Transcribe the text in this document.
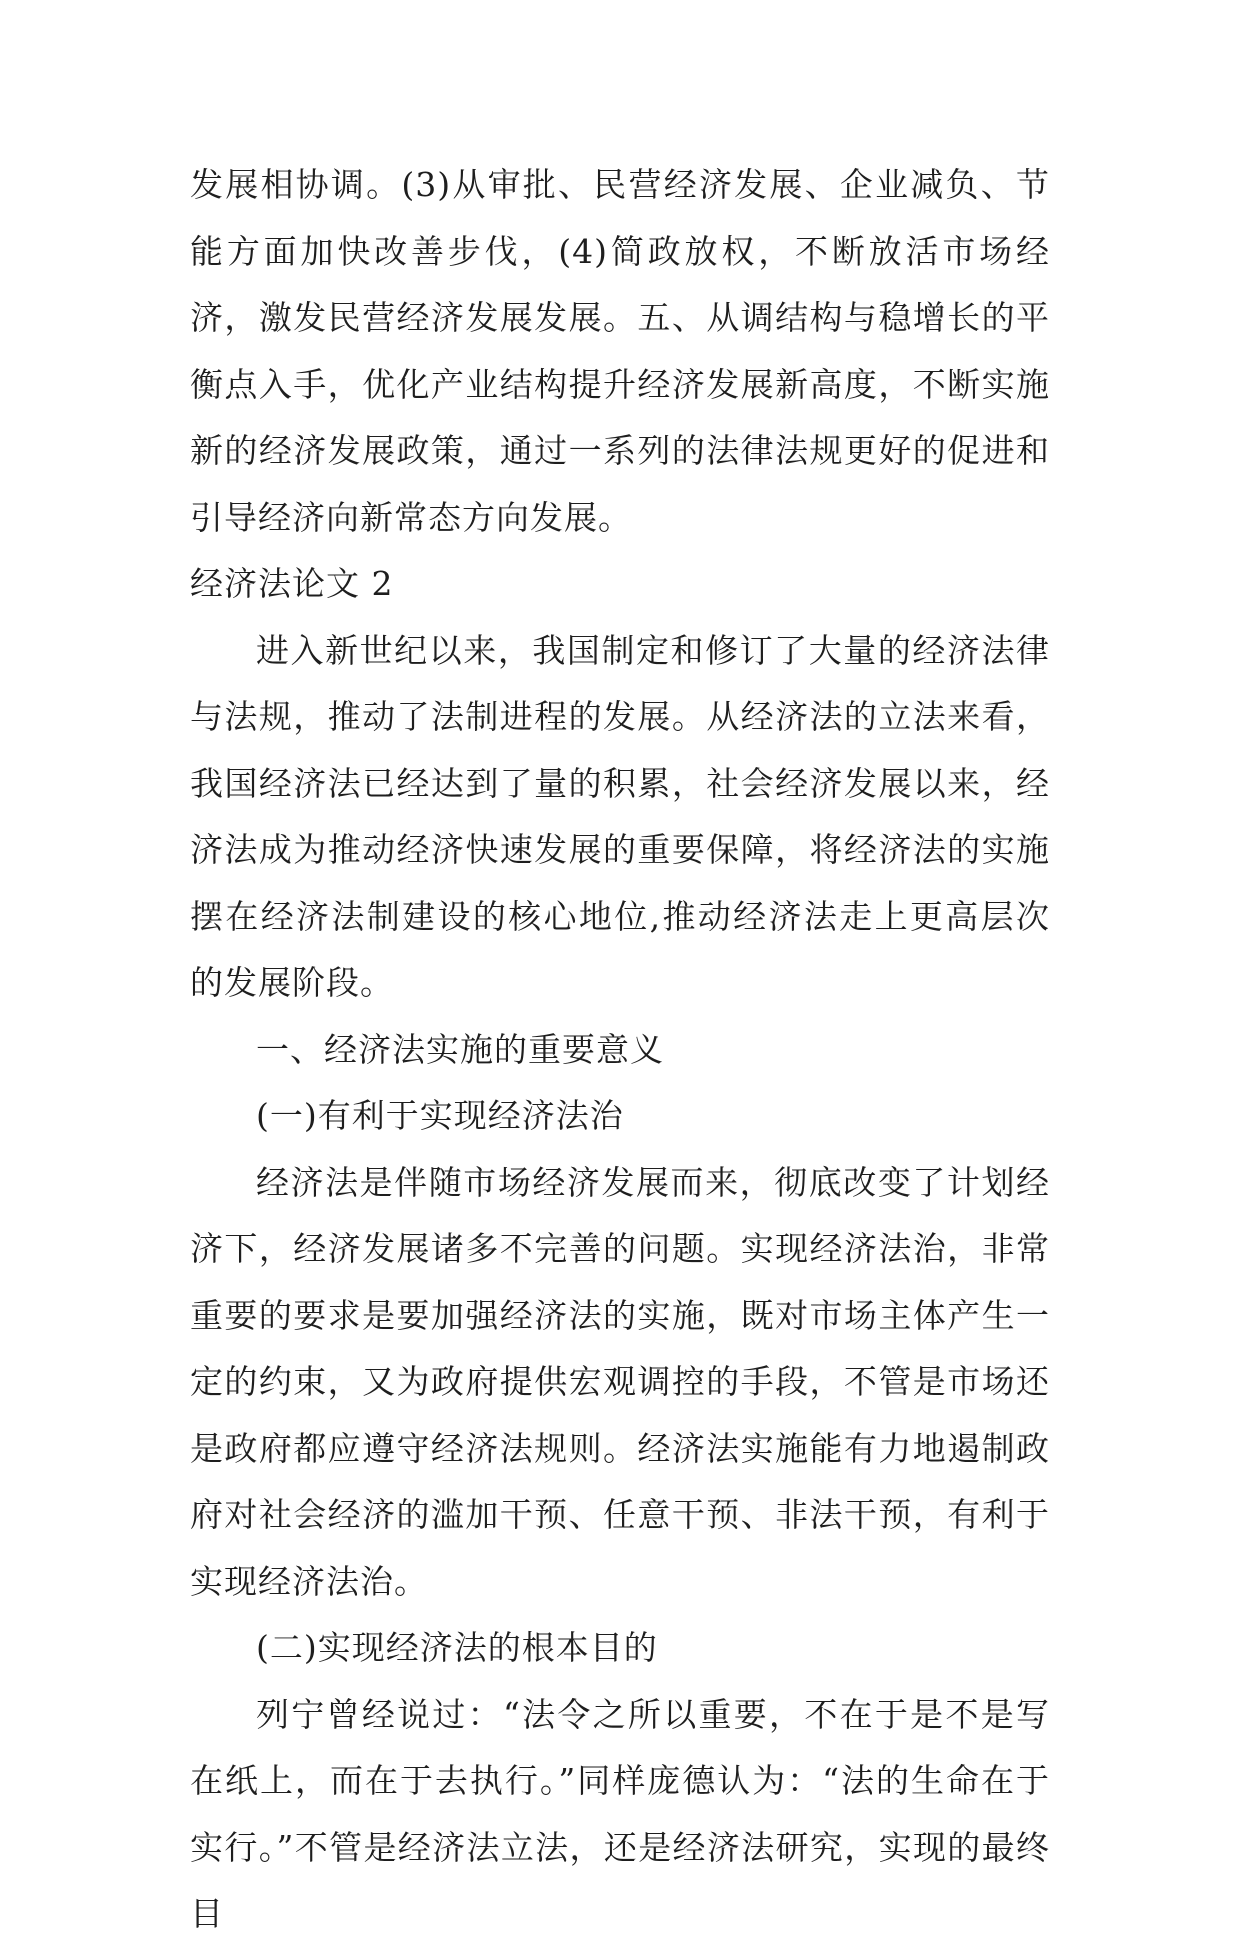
发展相协调。(3)从审批、民营经济发展、企业减负、节能方面加快改善步伐，(4)简政放权，不断放活市场经济，激发民营经济发展发展。五、从调结构与稳增长的平衡点入手，优化产业结构提升经济发展新高度，不断实施新的经济发展政策，通过一系列的法律法规更好的促进和引导经济向新常态方向发展。

经济法论文 2

进入新世纪以来，我国制定和修订了大量的经济法律与法规，推动了法制进程的发展。从经济法的立法来看，我国经济法已经达到了量的积累，社会经济发展以来，经济法成为推动经济快速发展的重要保障，将经济法的实施摆在经济法制建设的核心地位,推动经济法走上更高层次的发展阶段。

一、经济法实施的重要意义

(一)有利于实现经济法治

经济法是伴随市场经济发展而来，彻底改变了计划经济下，经济发展诸多不完善的问题。实现经济法治，非常重要的要求是要加强经济法的实施，既对市场主体产生一定的约束，又为政府提供宏观调控的手段，不管是市场还是政府都应遵守经济法规则。经济法实施能有力地遏制政府对社会经济的滥加干预、任意干预、非法干预，有利于实现经济法治。

(二)实现经济法的根本目的

列宁曾经说过：“法令之所以重要，不在于是不是写在纸上，而在于去执行。”同样庞德认为：“法的生命在于实行。”不管是经济法立法，还是经济法研究，实现的最终目
